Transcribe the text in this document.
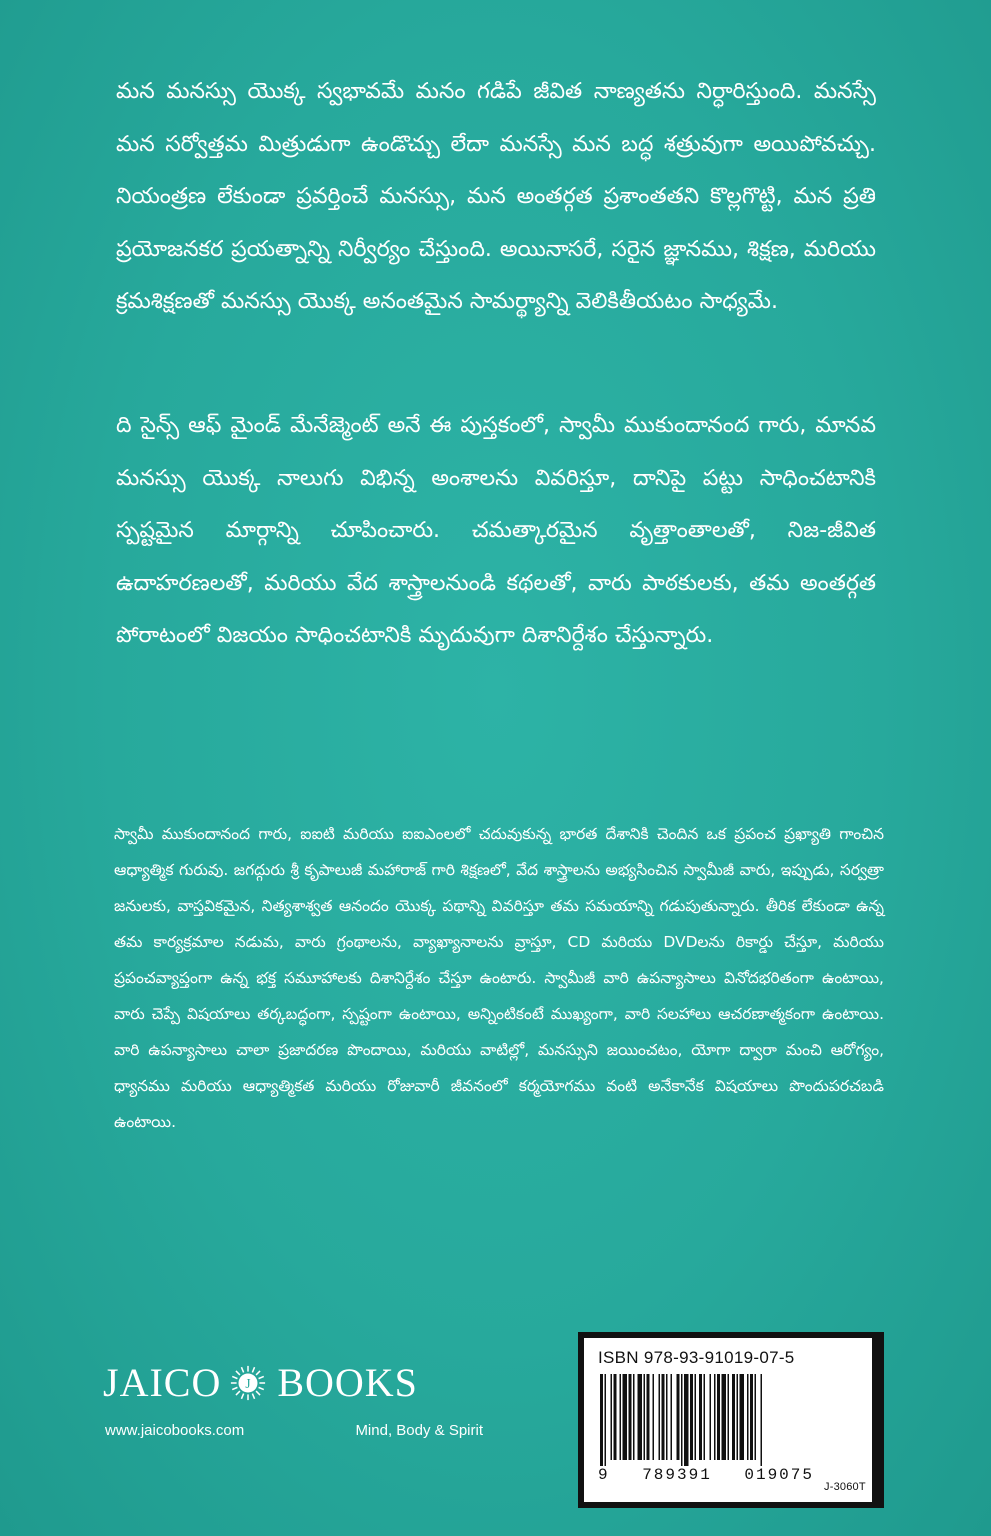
మన మనస్సు యొక్క స్వభావమే మనం గడిపే జీవిత నాణ్యతను నిర్ధారిస్తుంది. మనస్సే మన సర్వోత్తమ మిత్రుడుగా ఉండొచ్చు లేదా మనస్సే మన బద్ధ శత్రువుగా అయిపోవచ్చు. నియంత్రణ లేకుండా ప్రవర్తించే మనస్సు, మన అంతర్గత ప్రశాంతతని కొల్లగొట్టి, మన ప్రతి ప్రయోజనకర ప్రయత్నాన్ని నిర్వీర్యం చేస్తుంది. అయినాసరే, సరైన జ్ఞానము, శిక్షణ, మరియు క్రమశిక్షణతో మనస్సు యొక్క అనంతమైన సామర్థ్యాన్ని వెలికితీయటం సాధ్యమే.

ది సైన్స్ ఆఫ్ మైండ్ మేనేజ్మెంట్ అనే ఈ పుస్తకంలో, స్వామీ ముకుందానంద గారు, మానవ మనస్సు యొక్క నాలుగు విభిన్న అంశాలను వివరిస్తూ, దానిపై పట్టు సాధించటానికి స్పష్టమైన మార్గాన్ని చూపించారు. చమత్కారమైన వృత్తాంతాలతో, నిజ-జీవిత ఉదాహరణలతో, మరియు వేద శాస్త్రాలనుండి కథలతో, వారు పాఠకులకు, తమ అంతర్గత పోరాటంలో విజయం సాధించటానికి మృదువుగా దిశానిర్దేశం చేస్తున్నారు.

స్వామీ ముకుందానంద గారు, ఐఐటి మరియు ఐఐఎంలలో చదువుకున్న భారత దేశానికి చెందిన ఒక ప్రపంచ ప్రఖ్యాతి గాంచిన ఆధ్యాత్మిక గురువు. జగద్గురు శ్రీ కృపాలుజీ మహారాజ్ గారి శిక్షణలో, వేద శాస్త్రాలను అభ్యసించిన స్వామీజీ వారు, ఇప్పుడు, సర్వత్రా జనులకు, వాస్తవికమైన, నిత్యశాశ్వత ఆనందం యొక్క పథాన్ని వివరిస్తూ తమ సమయాన్ని గడుపుతున్నారు. తీరిక లేకుండా ఉన్న తమ కార్యక్రమాల నడుమ, వారు గ్రంథాలను, వ్యాఖ్యానాలను వ్రాస్తూ, CD మరియు DVDలను రికార్డు చేస్తూ, మరియు ప్రపంచవ్యాప్తంగా ఉన్న భక్త సమూహాలకు దిశానిర్దేశం చేస్తూ ఉంటారు. స్వామీజీ వారి ఉపన్యాసాలు వినోదభరితంగా ఉంటాయి, వారు చెప్పే విషయాలు తర్కబద్ధంగా, స్పష్టంగా ఉంటాయి, అన్నింటికంటే ముఖ్యంగా, వారి సలహాలు ఆచరణాత్మకంగా ఉంటాయి. వారి ఉపన్యాసాలు చాలా ప్రజాదరణ పొందాయి, మరియు వాటిల్లో, మనస్సుని జయించటం, యోగా ద్వారా మంచి ఆరోగ్యం, ధ్యానము మరియు ఆధ్యాత్మికత మరియు రోజువారీ జీవనంలో కర్మయోగము వంటి అనేకానేక విషయాలు పొందుపరచబడి ఉంటాయి.

JAICO J BOOKS
www.jaicobooks.com	Mind, Body & Spirit
ISBN 978-93-91019-07-5
9 789391 019075
J-3060T
